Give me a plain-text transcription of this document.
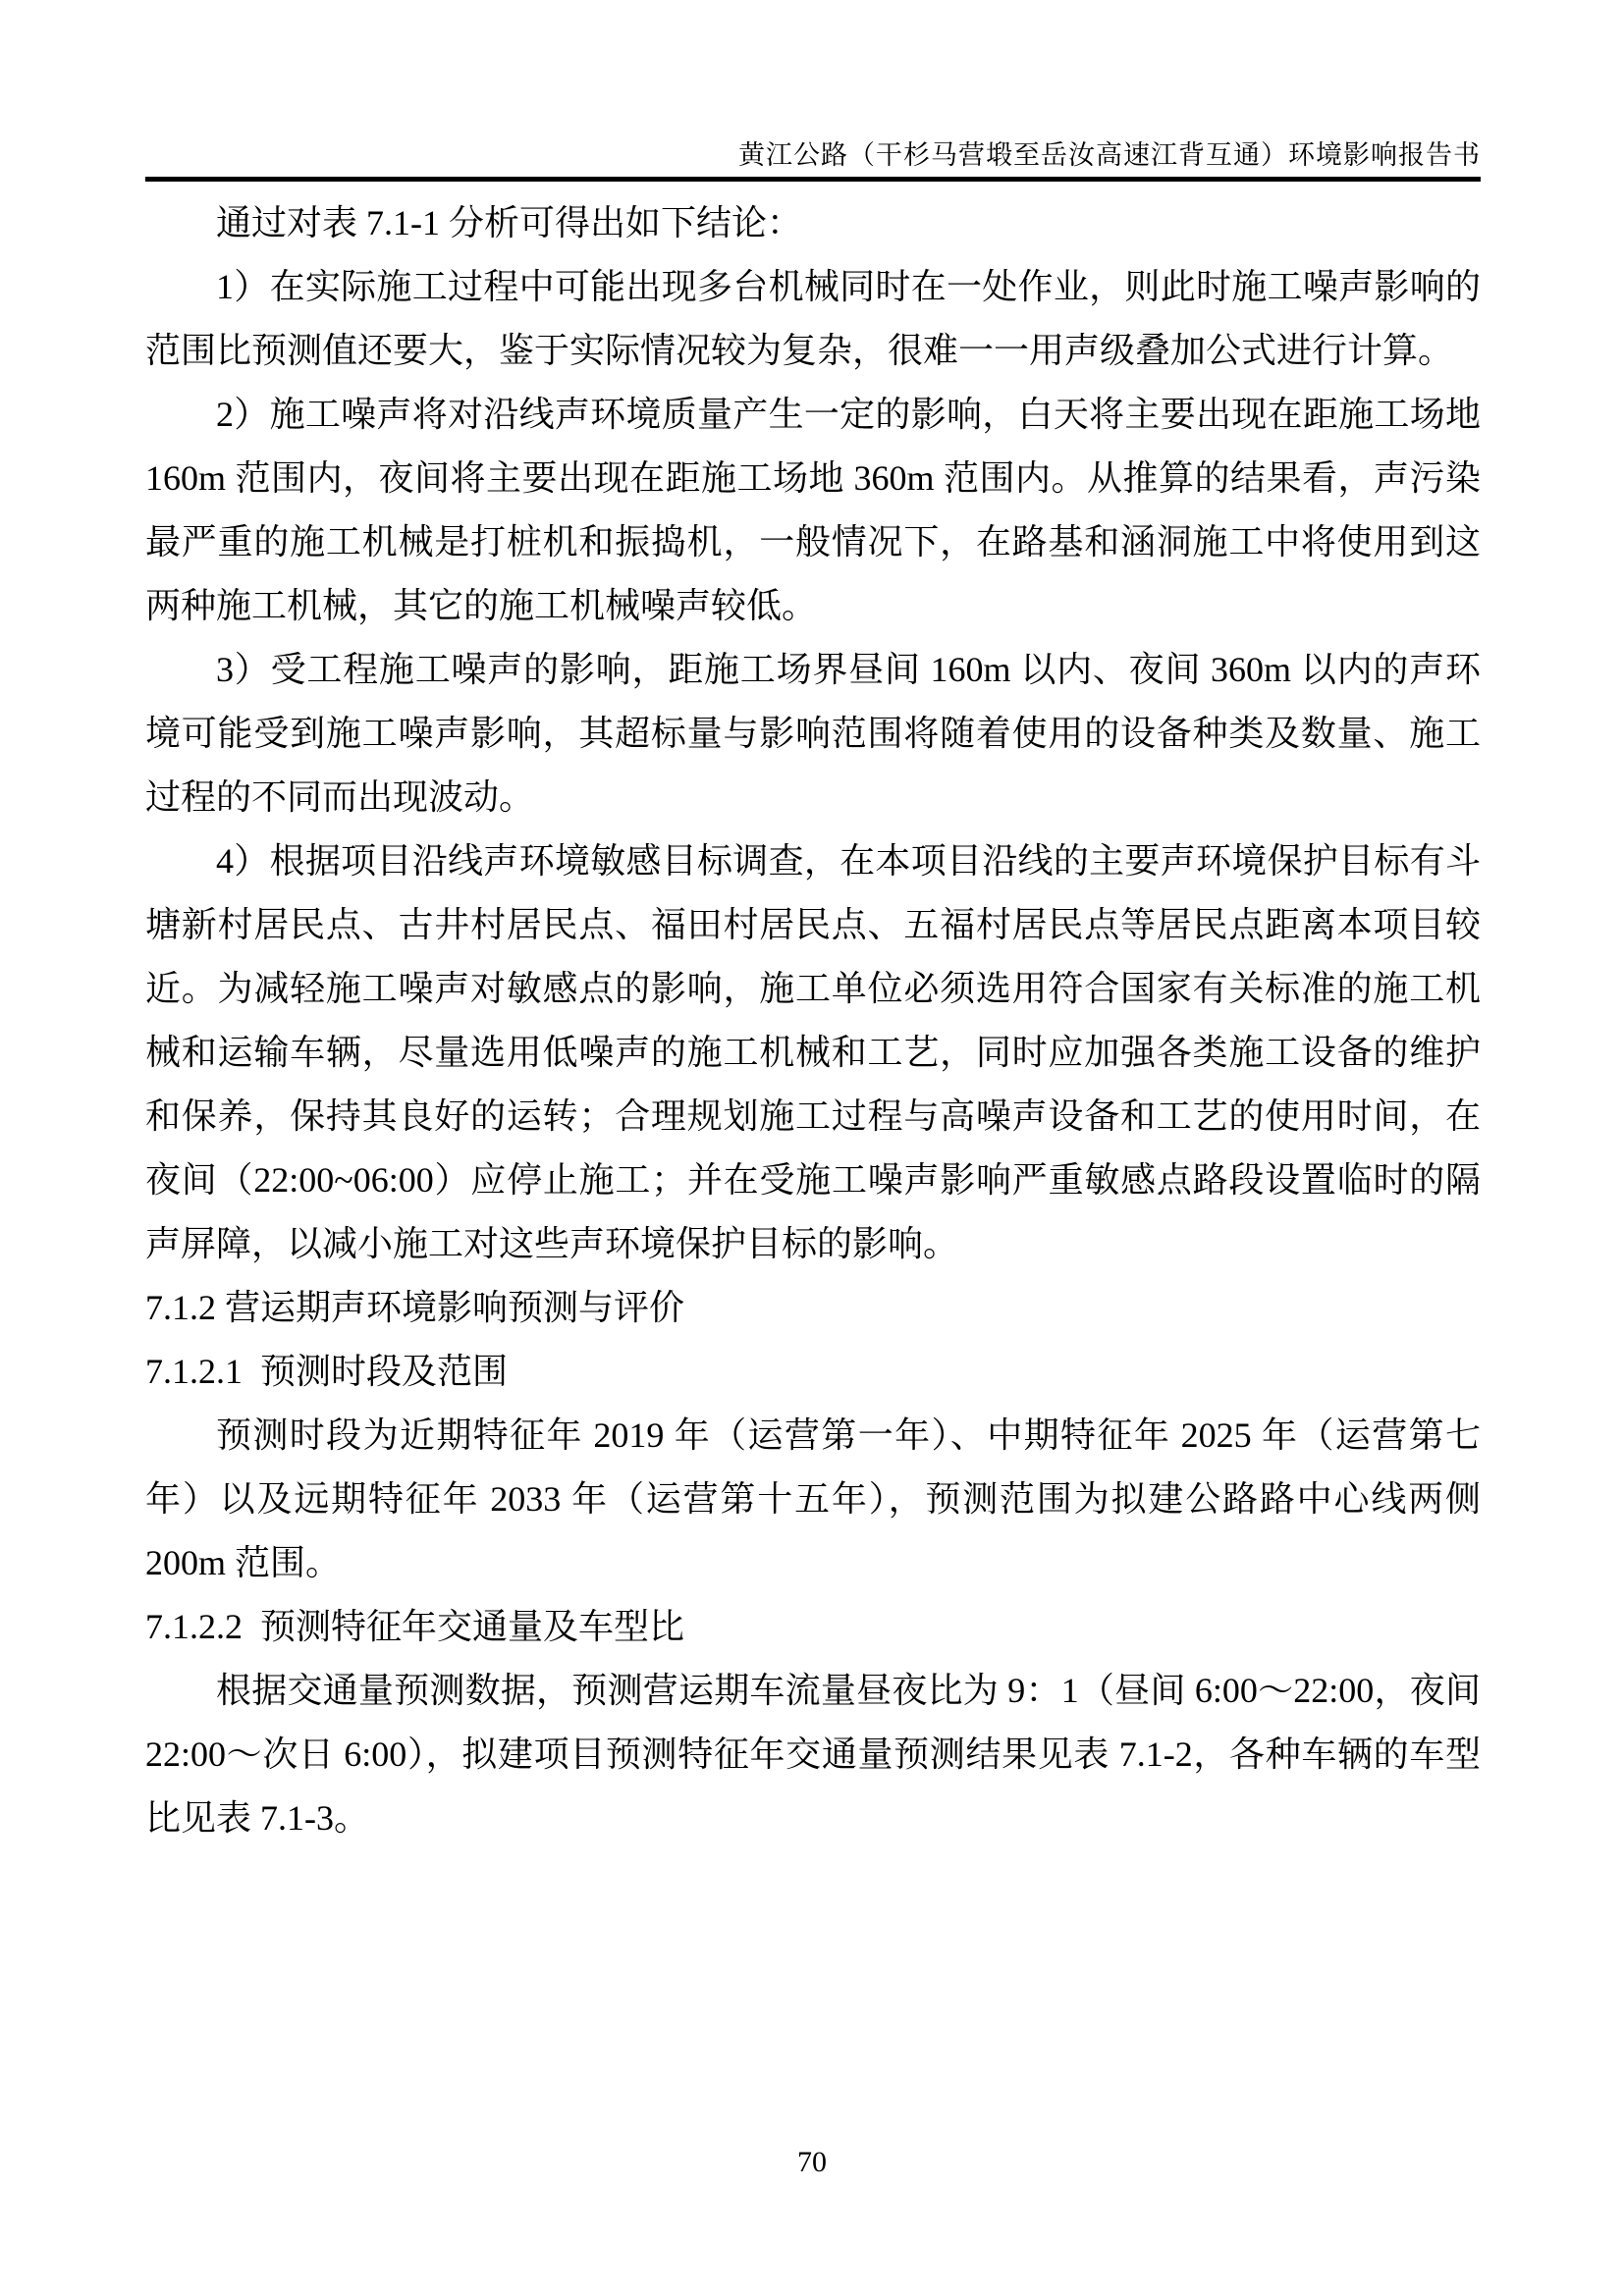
黄江公路（干杉马营塅至岳汝高速江背互通）环境影响报告书

通过对表 7.1-1 分析可得出如下结论：

1）在实际施工过程中可能出现多台机械同时在一处作业，则此时施工噪声影响的范围比预测值还要大，鉴于实际情况较为复杂，很难一一用声级叠加公式进行计算。

2）施工噪声将对沿线声环境质量产生一定的影响，白天将主要出现在距施工场地 160m 范围内，夜间将主要出现在距施工场地 360m 范围内。从推算的结果看，声污染最严重的施工机械是打桩机和振捣机，一般情况下，在路基和涵洞施工中将使用到这两种施工机械，其它的施工机械噪声较低。

3）受工程施工噪声的影响，距施工场界昼间 160m 以内、夜间 360m 以内的声环境可能受到施工噪声影响，其超标量与影响范围将随着使用的设备种类及数量、施工过程的不同而出现波动。

4）根据项目沿线声环境敏感目标调查，在本项目沿线的主要声环境保护目标有斗塘新村居民点、古井村居民点、福田村居民点、五福村居民点等居民点距离本项目较近。为减轻施工噪声对敏感点的影响，施工单位必须选用符合国家有关标准的施工机械和运输车辆，尽量选用低噪声的施工机械和工艺，同时应加强各类施工设备的维护和保养，保持其良好的运转；合理规划施工过程与高噪声设备和工艺的使用时间，在夜间（22:00~06:00）应停止施工；并在受施工噪声影响严重敏感点路段设置临时的隔声屏障，以减小施工对这些声环境保护目标的影响。

7.1.2 营运期声环境影响预测与评价
7.1.2.1  预测时段及范围

预测时段为近期特征年 2019 年（运营第一年）、中期特征年 2025 年（运营第七年）以及远期特征年 2033 年（运营第十五年），预测范围为拟建公路路中心线两侧 200m 范围。

7.1.2.2  预测特征年交通量及车型比

根据交通量预测数据，预测营运期车流量昼夜比为 9：1（昼间 6:00～22:00，夜间 22:00～次日 6:00），拟建项目预测特征年交通量预测结果见表 7.1-2，各种车辆的车型比见表 7.1-3。

70
